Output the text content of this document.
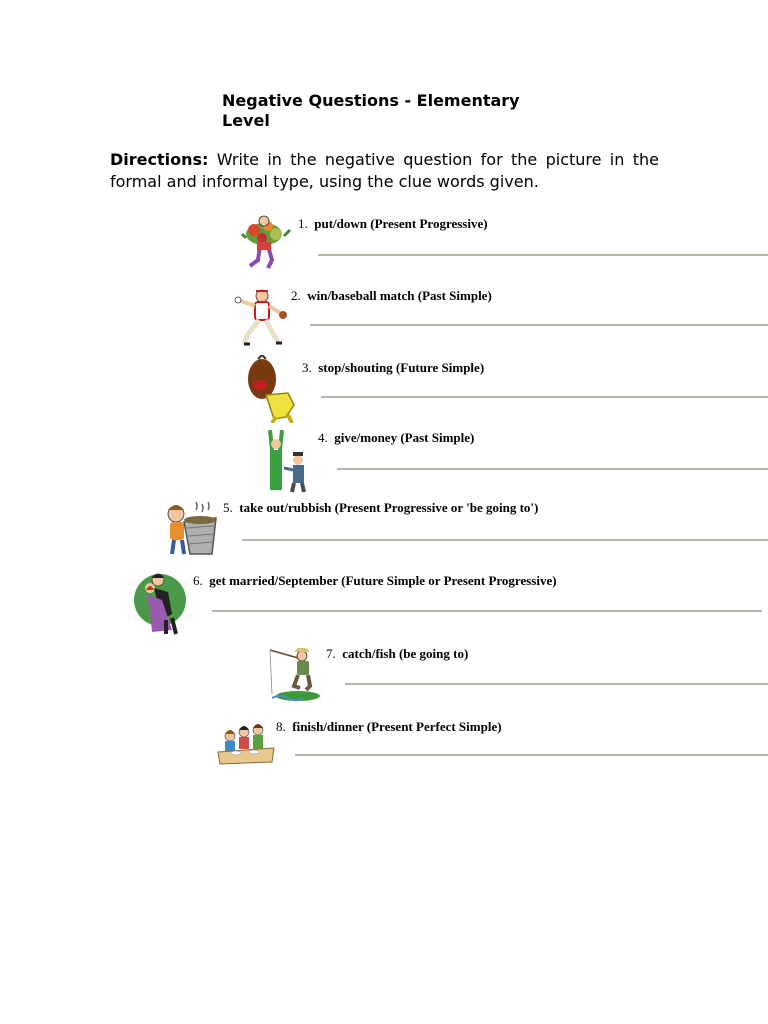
Negative Questions - Elementary Level

Directions: Write in the negative question for the picture in the formal and informal type, using the clue words given.

1. put/down (Present Progressive)
2. win/baseball match (Past Simple)
3. stop/shouting (Future Simple)
4. give/money (Past Simple)
5. take out/rubbish (Present Progressive or 'be going to')
6. get married/September (Future Simple or Present Progressive)
7. catch/fish (be going to)
8. finish/dinner (Present Perfect Simple)
